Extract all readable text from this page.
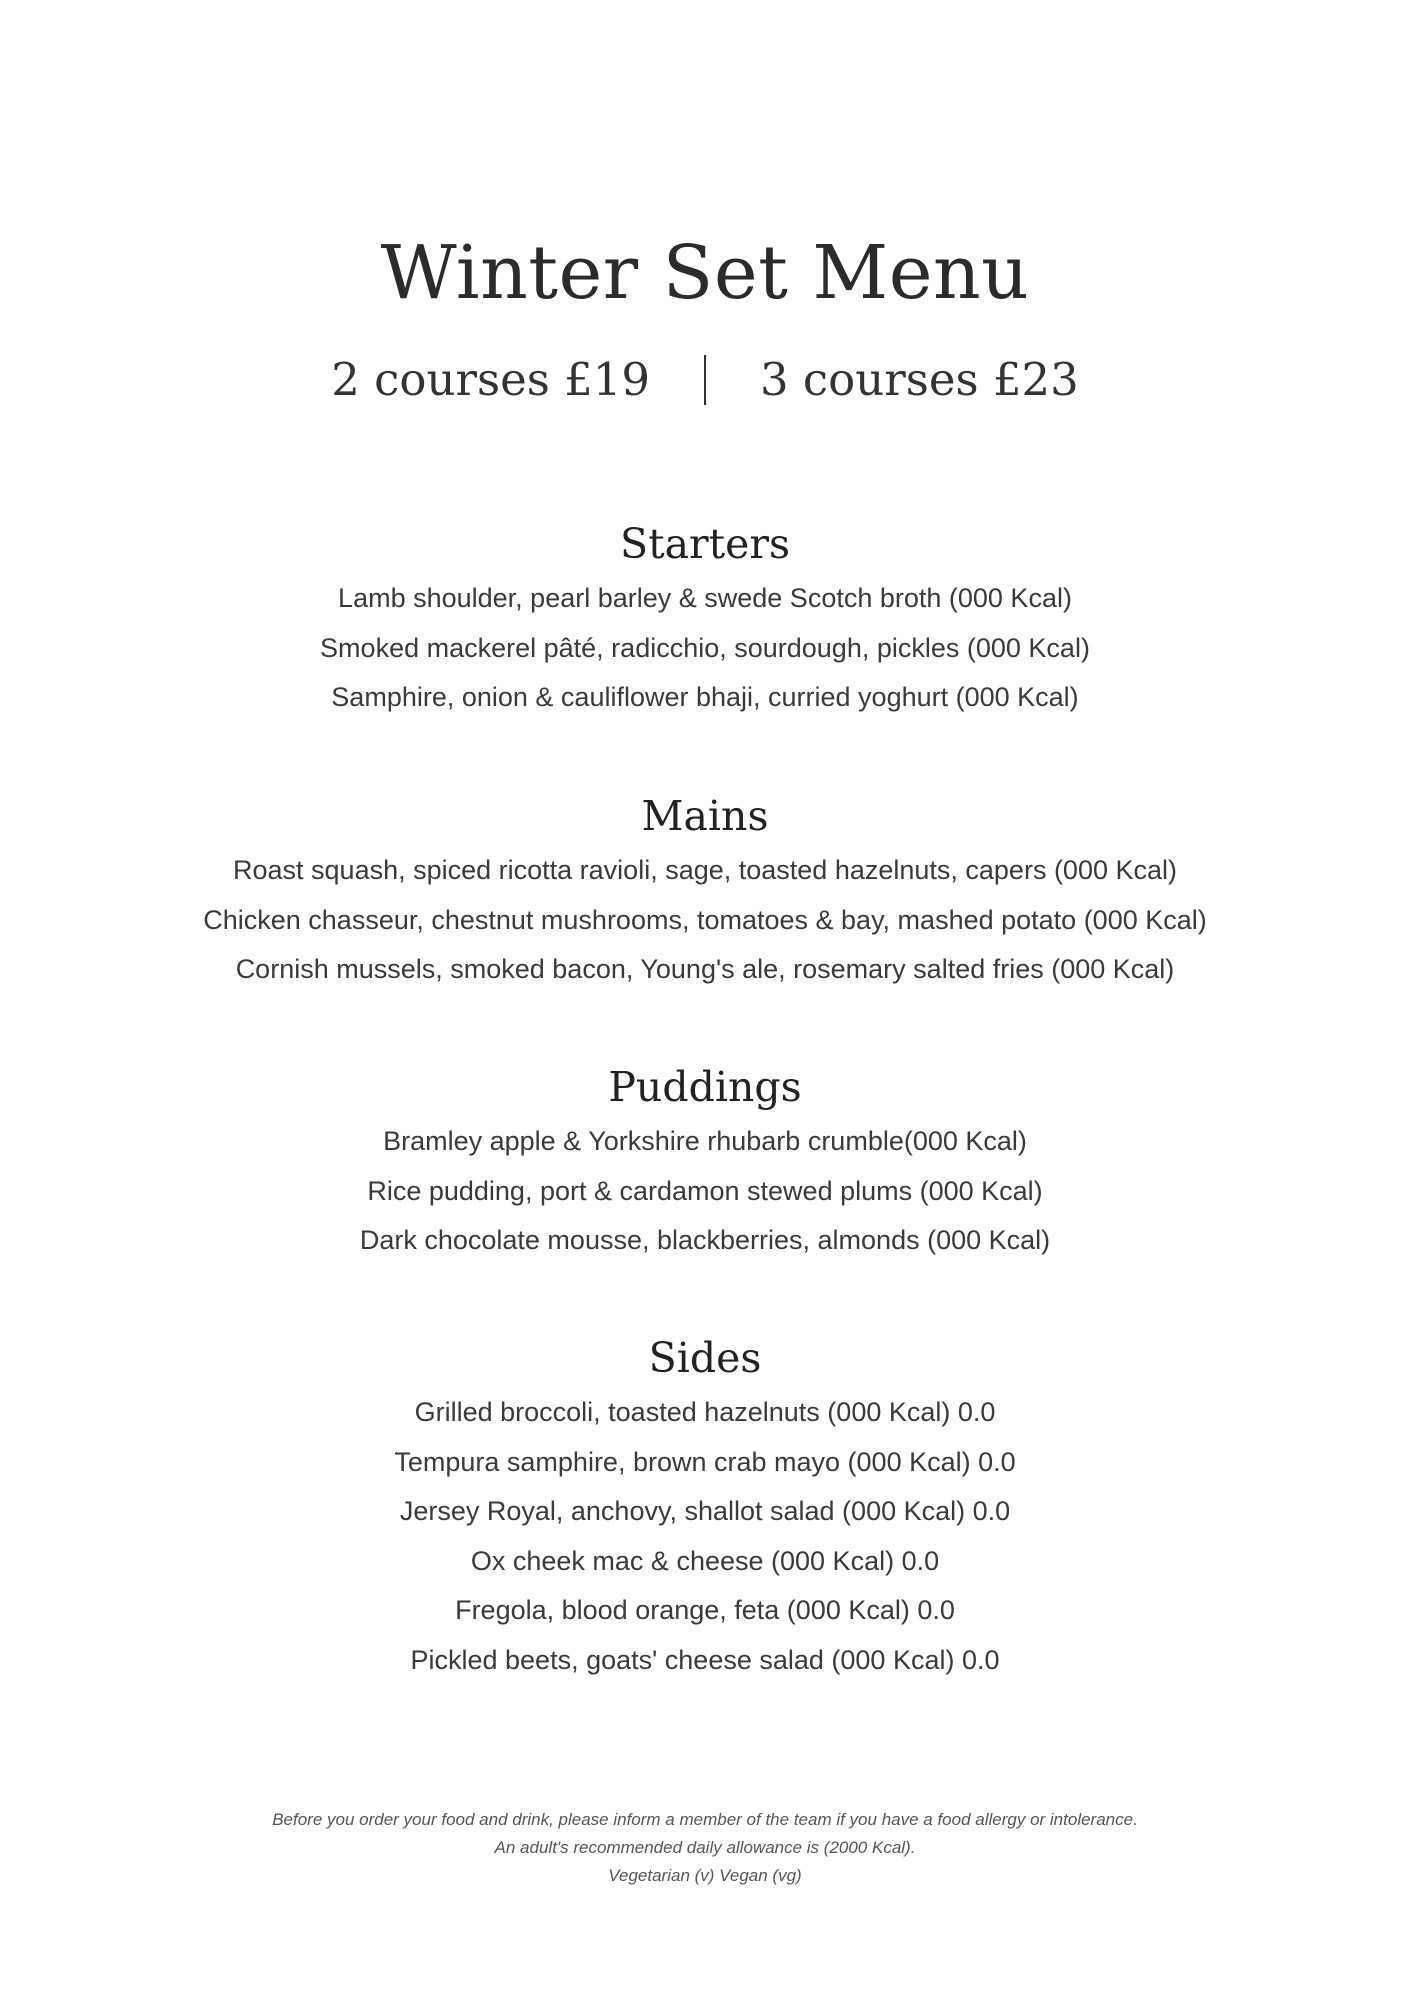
Winter Set Menu
2 courses £19 3 courses £23
Starters
Lamb shoulder, pearl barley & swede Scotch broth (000 Kcal)
Smoked mackerel pâté, radicchio, sourdough, pickles (000 Kcal)
Samphire, onion & cauliflower bhaji, curried yoghurt (000 Kcal)
Mains
Roast squash, spiced ricotta ravioli, sage, toasted hazelnuts, capers (000 Kcal)
Chicken chasseur, chestnut mushrooms, tomatoes & bay, mashed potato (000 Kcal)
Cornish mussels, smoked bacon, Young's ale, rosemary salted fries (000 Kcal)
Puddings
Bramley apple & Yorkshire rhubarb crumble(000 Kcal)
Rice pudding, port & cardamon stewed plums (000 Kcal)
Dark chocolate mousse, blackberries, almonds (000 Kcal)
Sides
Grilled broccoli, toasted hazelnuts (000 Kcal) 0.0
Tempura samphire, brown crab mayo (000 Kcal) 0.0
Jersey Royal, anchovy, shallot salad (000 Kcal) 0.0
Ox cheek mac & cheese (000 Kcal) 0.0
Fregola, blood orange, feta (000 Kcal) 0.0
Pickled beets, goats' cheese salad (000 Kcal) 0.0
Before you order your food and drink, please inform a member of the team if you have a food allergy or intolerance.
An adult's recommended daily allowance is (2000 Kcal).
Vegetarian (v) Vegan (vg)
